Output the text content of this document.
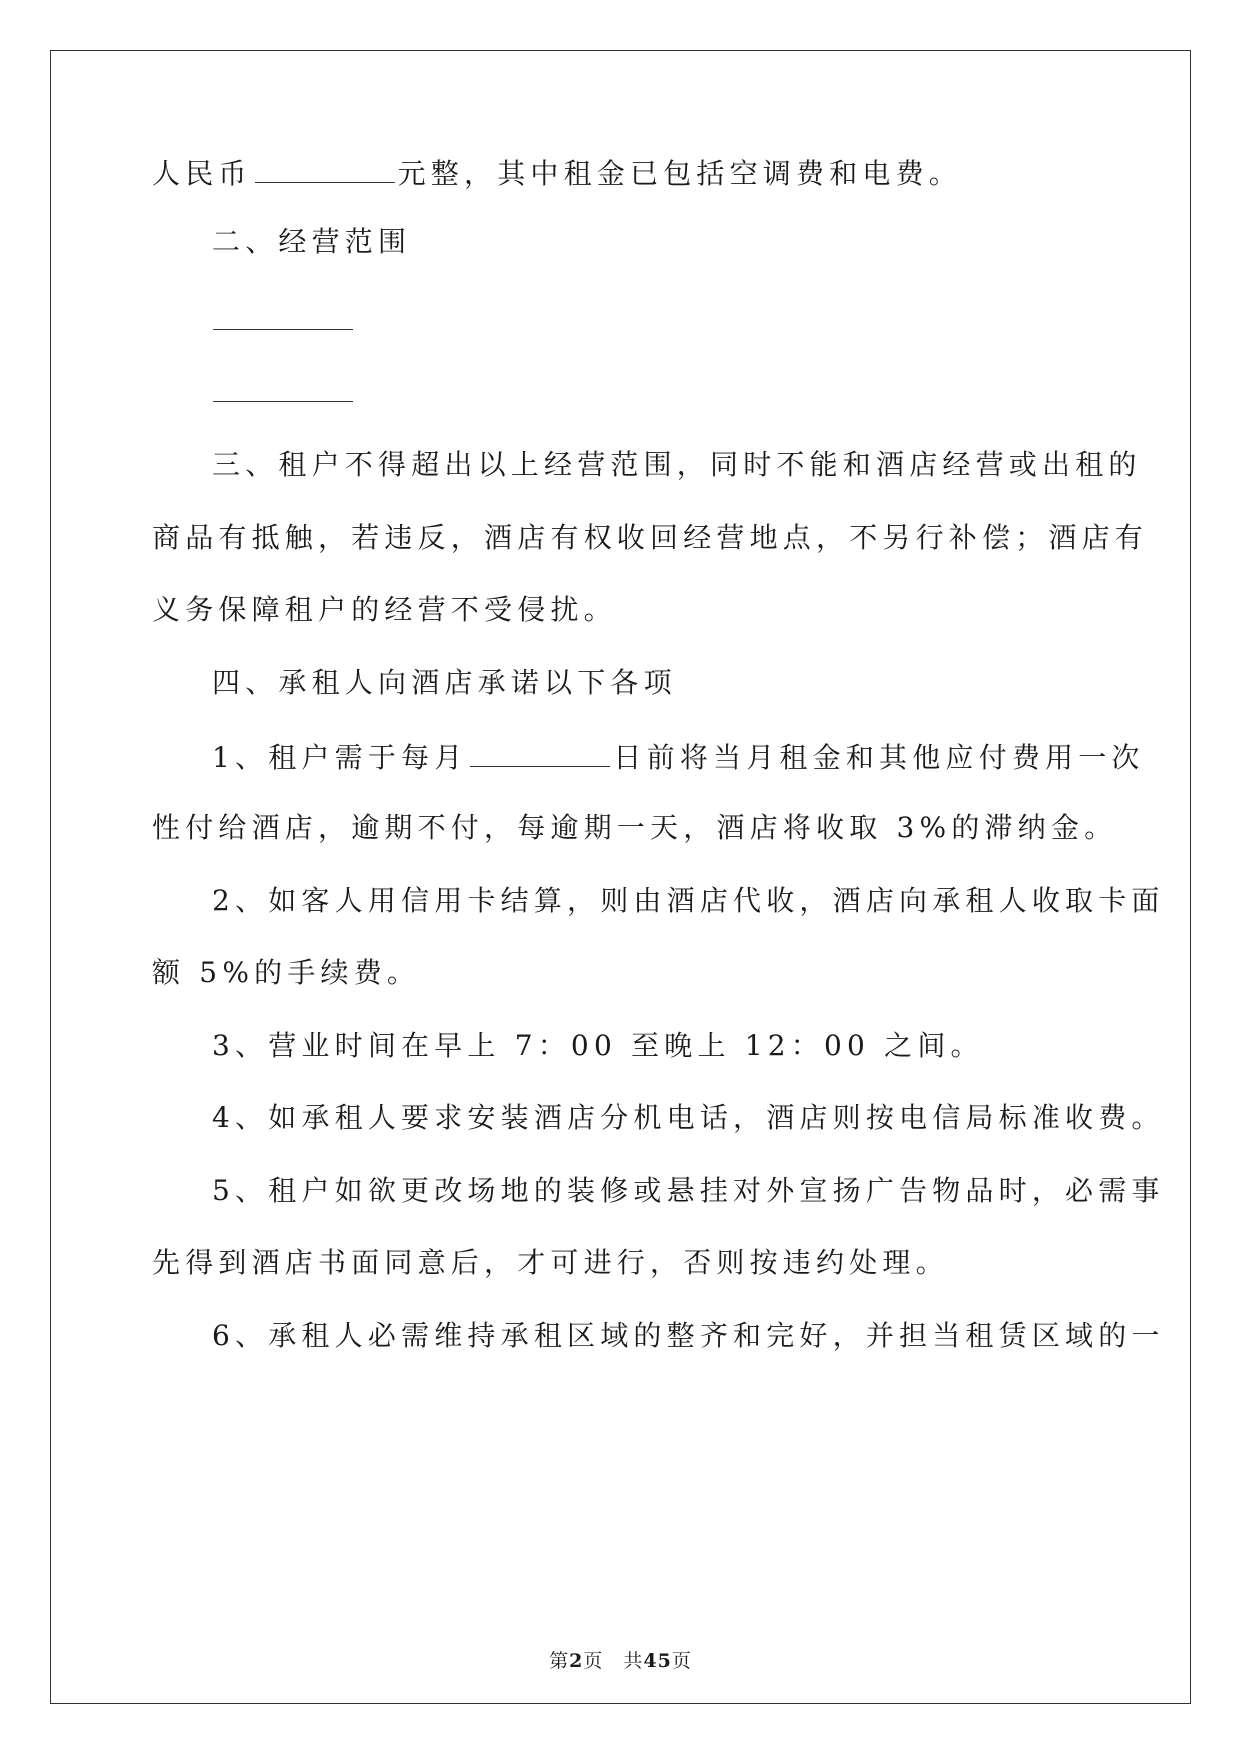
人民币	元整，其中租金已包括空调费和电费。
二、经营范围
三、租户不得超出以上经营范围，同时不能和酒店经营或出租的
商品有抵触，若违反，酒店有权收回经营地点，不另行补偿；酒店有
义务保障租户的经营不受侵扰。
四、承租人向酒店承诺以下各项
1、租户需于每月	日前将当月租金和其他应付费用一次
性付给酒店，逾期不付，每逾期一天，酒店将收取 3%的滞纳金。
2、如客人用信用卡结算，则由酒店代收，酒店向承租人收取卡面
额 5%的手续费。
3、营业时间在早上 7：00 至晚上 12：00 之间。
4、如承租人要求安装酒店分机电话，酒店则按电信局标准收费。
5、租户如欲更改场地的装修或悬挂对外宣扬广告物品时，必需事
先得到酒店书面同意后，才可进行，否则按违约处理。
6、承租人必需维持承租区域的整齐和完好，并担当租赁区域的一
第2页　共45页
